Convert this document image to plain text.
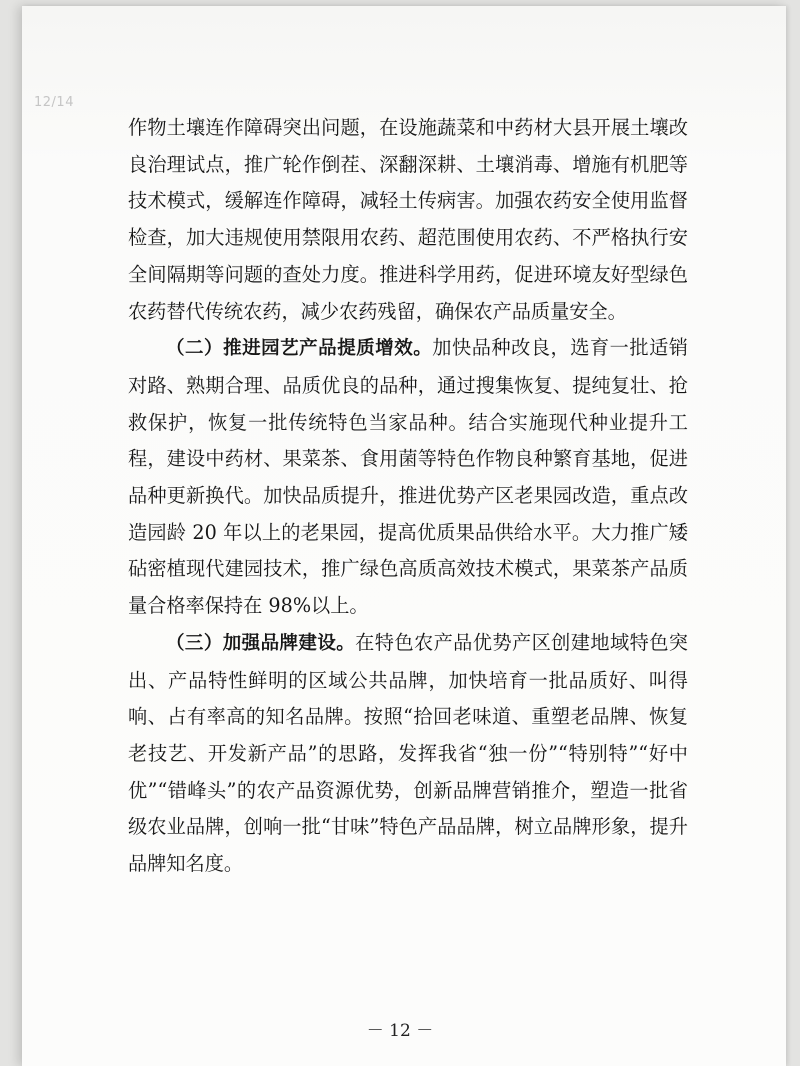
12/14

作物土壤连作障碍突出问题，在设施蔬菜和中药材大县开展土壤改良治理试点，推广轮作倒茬、深翻深耕、土壤消毒、增施有机肥等技术模式，缓解连作障碍，减轻土传病害。加强农药安全使用监督检查，加大违规使用禁限用农药、超范围使用农药、不严格执行安全间隔期等问题的查处力度。推进科学用药，促进环境友好型绿色农药替代传统农药，减少农药残留，确保农产品质量安全。

（二）推进园艺产品提质增效。加快品种改良，选育一批适销对路、熟期合理、品质优良的品种，通过搜集恢复、提纯复壮、抢救保护，恢复一批传统特色当家品种。结合实施现代种业提升工程，建设中药材、果菜茶、食用菌等特色作物良种繁育基地，促进品种更新换代。加快品质提升，推进优势产区老果园改造，重点改造园龄 20 年以上的老果园，提高优质果品供给水平。大力推广矮砧密植现代建园技术，推广绿色高质高效技术模式，果菜茶产品质量合格率保持在 98%以上。

（三）加强品牌建设。在特色农产品优势产区创建地域特色突出、产品特性鲜明的区域公共品牌，加快培育一批品质好、叫得响、占有率高的知名品牌。按照“拾回老味道、重塑老品牌、恢复老技艺、开发新产品”的思路，发挥我省“独一份”“特别特”“好中优”“错峰头”的农产品资源优势，创新品牌营销推介，塑造一批省级农业品牌，创响一批“甘味”特色产品品牌，树立品牌形象，提升品牌知名度。

－ 12 －
